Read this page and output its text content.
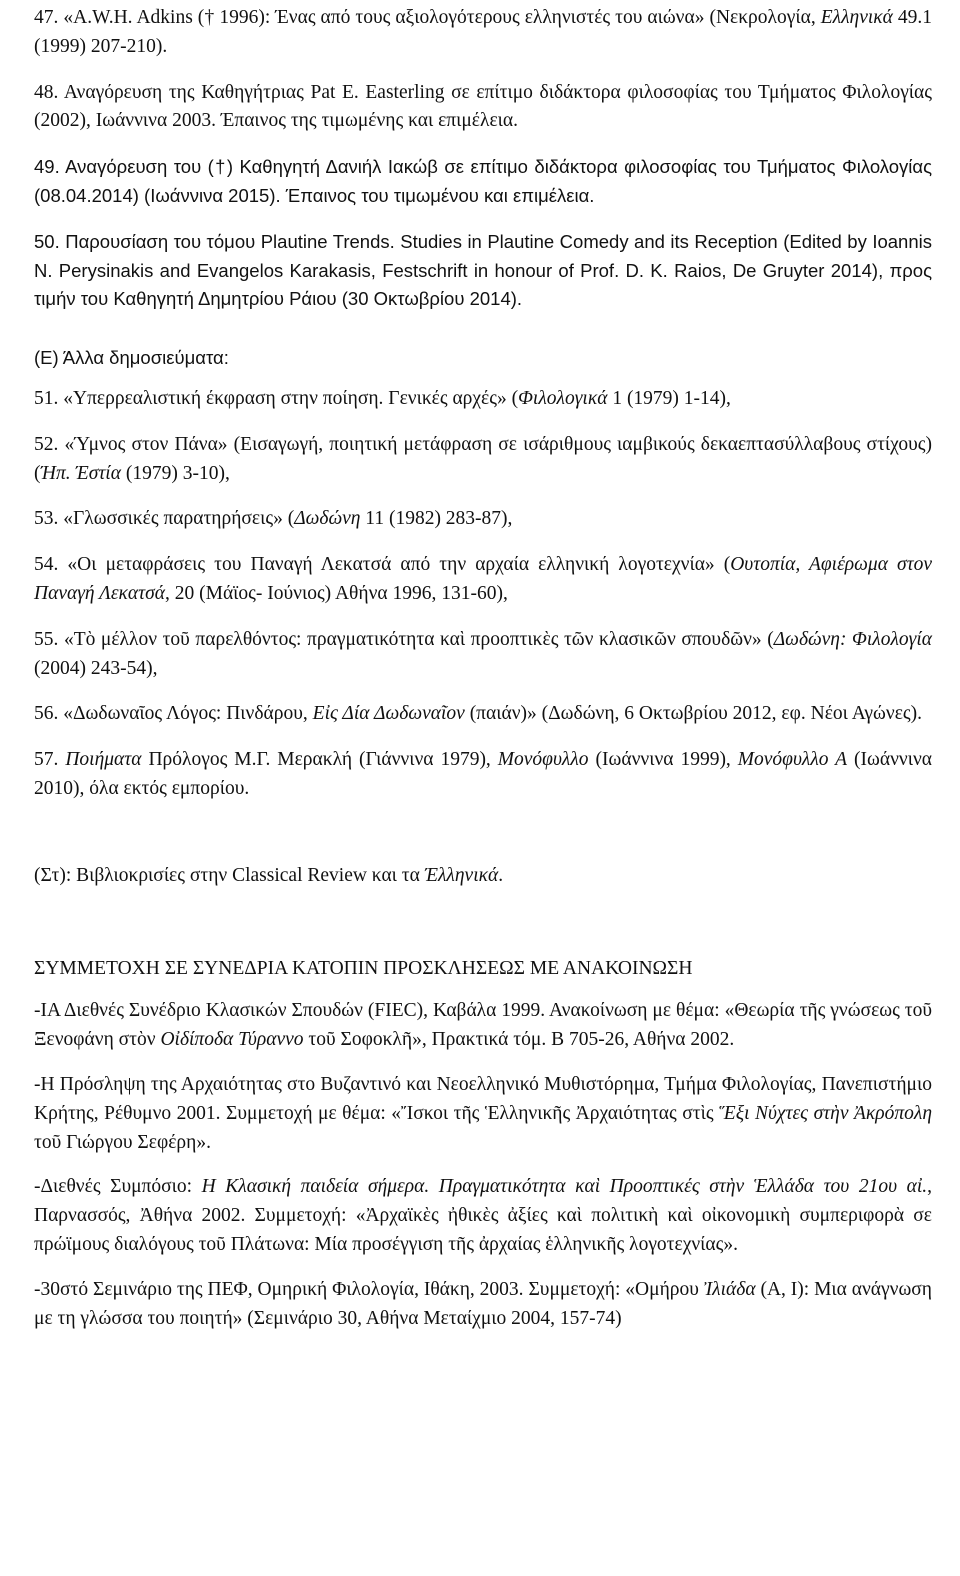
47. «A.W.H. Adkins († 1996): Ένας από τους αξιολογότερους ελληνιστές του αιώνα» (Νεκρολογία, Ελληνικά 49.1 (1999) 207-210).

48. Αναγόρευση της Καθηγήτριας Pat E. Easterling σε επίτιμο διδάκτορα φιλοσοφίας του Τμήματος Φιλολογίας (2002), Ιωάννινα 2003. Έπαινος της τιμωμένης και επιμέλεια.

49. Αναγόρευση του (†) Καθηγητή Δανιήλ Ιακώβ σε επίτιμο διδάκτορα φιλοσοφίας του Τμήματος Φιλολογίας (08.04.2014) (Ιωάννινα 2015). Έπαινος του τιμωμένου και επιμέλεια.

50. Παρουσίαση του τόμου Plautine Trends. Studies in Plautine Comedy and its Reception (Edited by Ioannis N. Perysinakis and Evangelos Karakasis, Festschrift in honour of Prof. D. K. Raios, De Gruyter 2014), προς τιμήν του Καθηγητή Δημητρίου Ράιου (30 Οκτωβρίου 2014).

(Ε) Άλλα δημοσιεύματα:

51. «Υπερρεαλιστική έκφραση στην ποίηση. Γενικές αρχές» (Φιλολογικά 1 (1979) 1-14),

52. «Ύμνος στον Πάνα» (Εισαγωγή, ποιητική μετάφραση σε ισάριθμους ιαμβικούς δεκαεπτασύλλαβους στίχους) (Ήπ. Έστία (1979) 3-10),

53. «Γλωσσικές παρατηρήσεις» (Δωδώνη 11 (1982) 283-87),

54. «Οι μεταφράσεις του Παναγή Λεκατσά από την αρχαία ελληνική λογοτεχνία» (Ουτοπία, Αφιέρωμα στον Παναγή Λεκατσά, 20 (Μάϊος- Ιούνιος) Αθήνα 1996, 131-60),

55. «Τὸ μέλλον τοῦ παρελθόντος: πραγματικότητα καὶ προοπτικὲς τῶν κλασικῶν σπουδῶν» (Δωδώνη: Φιλολογία (2004) 243-54),

56. «Δωδωναῖος Λόγος: Πινδάρου, Εἰς Δία Δωδωναῖον (παιάν)» (Δωδώνη, 6 Οκτωβρίου 2012, εφ. Νέοι Αγώνες).

57. Ποιήματα Πρόλογος Μ.Γ. Μερακλή (Γιάννινα 1979), Μονόφυλλο (Ιωάννινα 1999), Μονόφυλλο Α (Ιωάννινα 2010), όλα εκτός εμπορίου.

(Στ): Βιβλιοκρισίες στην Classical Review και τα Έλληνικά.

ΣΥΜΜΕΤΟΧΗ ΣΕ ΣΥΝΕΔΡΙΑ ΚΑΤΟΠΙΝ ΠΡΟΣΚΛΗΣΕΩΣ ΜΕ ΑΝΑΚΟΙΝΩΣΗ

-ΙΑ Διεθνές Συνέδριο Κλασικών Σπουδών (FIEC), Καβάλα 1999. Ανακοίνωση με θέμα: «Θεωρία τῆς γνώσεως τοῦ Ξενοφάνη στὸν Οἰδίποδα Τύραννο τοῦ Σοφοκλῆ», Πρακτικά τόμ. Β 705-26, Αθήνα 2002.

-Η Πρόσληψη της Αρχαιότητας στο Βυζαντινό και Νεοελληνικό Μυθιστόρημα, Τμήμα Φιλολογίας, Πανεπιστήμιο Κρήτης, Ρέθυμνο 2001. Συμμετοχή με θέμα: «Ἴσκοι τῆς Ἑλληνικῆς Ἀρχαιότητας στὶς Ἕξι Νύχτες στὴν Ἀκρόπολη τοῦ Γιώργου Σεφέρη».

-Διεθνές Συμπόσιο: Η Κλασική παιδεία σήμερα. Πραγματικότητα καὶ Προοπτικές στὴν Ἑλλάδα του 21ου αἰ., Παρνασσός, Ἀθήνα 2002. Συμμετοχή: «Ἀρχαϊκὲς ἠθικὲς ἀξίες καὶ πολιτικὴ καὶ οἰκονομικὴ συμπεριφορὰ σε πρώϊμους διαλόγους τοῦ Πλάτωνα: Μία προσέγγιση τῆς ἀρχαίας ἑλληνικῆς λογοτεχνίας».

-30στό Σεμινάριο της ΠΕΦ, Ομηρική Φιλολογία, Ιθάκη, 2003. Συμμετοχή: «Ομήρου Ἰλιάδα (Α, Ι): Μια ανάγνωση με τη γλώσσα του ποιητή» (Σεμινάριο 30, Αθήνα Μεταίχμιο 2004, 157-74)
